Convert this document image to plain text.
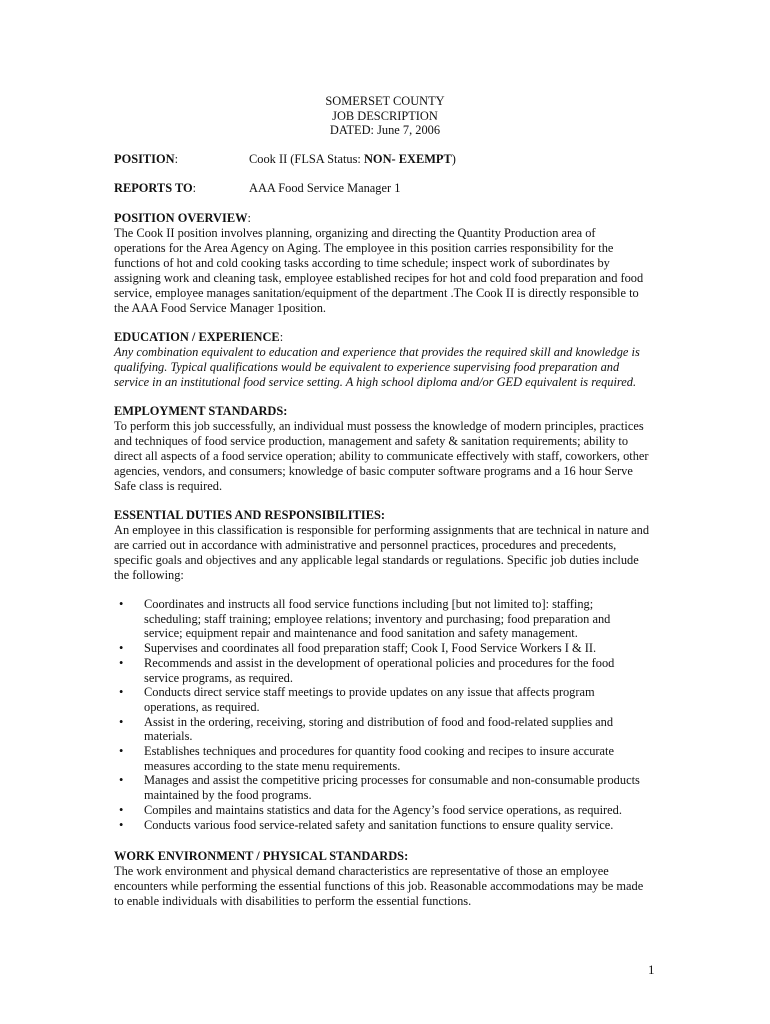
SOMERSET COUNTY
JOB DESCRIPTION
DATED: June 7, 2006
POSITION:	Cook II (FLSA Status: NON- EXEMPT)
REPORTS TO:	AAA Food Service Manager 1
POSITION OVERVIEW:
The Cook II position involves planning, organizing and directing the Quantity Production area of
operations for the Area Agency on Aging. The employee in this position carries responsibility for the
functions of hot and cold cooking tasks according to time schedule; inspect work of subordinates by
assigning work and cleaning task, employee established recipes for hot and cold food preparation and food
service, employee manages sanitation/equipment of the department .The Cook II is directly responsible to
the AAA Food Service Manager 1position.
EDUCATION / EXPERIENCE:
Any combination equivalent to education and experience that provides the required skill and knowledge is
qualifying. Typical qualifications would be equivalent to experience supervising food preparation and
service in an institutional food service setting. A high school diploma and/or GED equivalent is required.
EMPLOYMENT STANDARDS:
To perform this job successfully, an individual must possess the knowledge of modern principles, practices
and techniques of food service production, management and safety & sanitation requirements; ability to
direct all aspects of a food service operation; ability to communicate effectively with staff, coworkers, other
agencies, vendors, and consumers; knowledge of basic computer software programs and a 16 hour Serve
Safe class is required.
ESSENTIAL DUTIES AND RESPONSIBILITIES:
An employee in this classification is responsible for performing assignments that are technical in nature and
are carried out in accordance with administrative and personnel practices, procedures and precedents,
specific goals and objectives and any applicable legal standards or regulations. Specific job duties include
the following:
• Coordinates and instructs all food service functions including [but not limited to]: staffing;
scheduling; staff training; employee relations; inventory and purchasing; food preparation and
service; equipment repair and maintenance and food sanitation and safety management.
• Supervises and coordinates all food preparation staff; Cook I, Food Service Workers I & II.
• Recommends and assist in the development of operational policies and procedures for the food
service programs, as required.
• Conducts direct service staff meetings to provide updates on any issue that affects program
operations, as required.
• Assist in the ordering, receiving, storing and distribution of food and food-related supplies and
materials.
• Establishes techniques and procedures for quantity food cooking and recipes to insure accurate
measures according to the state menu requirements.
• Manages and assist the competitive pricing processes for consumable and non-consumable products
maintained by the food programs.
• Compiles and maintains statistics and data for the Agency’s food service operations, as required.
• Conducts various food service-related safety and sanitation functions to ensure quality service.
WORK ENVIRONMENT / PHYSICAL STANDARDS:
The work environment and physical demand characteristics are representative of those an employee
encounters while performing the essential functions of this job. Reasonable accommodations may be made
to enable individuals with disabilities to perform the essential functions.
1
